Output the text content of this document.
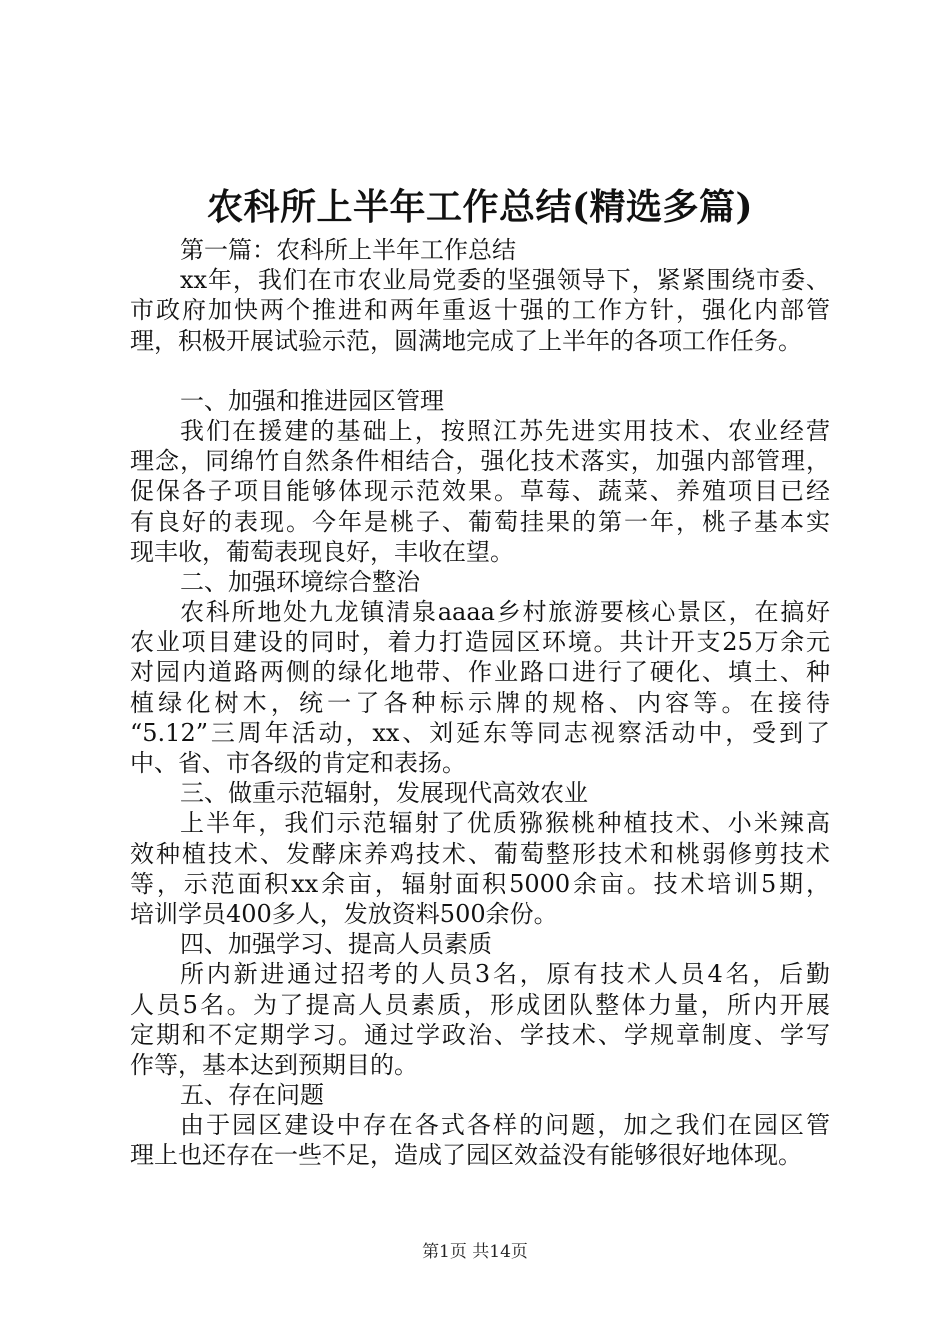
农科所上半年工作总结(精选多篇)
第一篇：农科所上半年工作总结
xx年，我们在市农业局党委的坚强领导下，紧紧围绕市委、
市政府加快两个推进和两年重返十强的工作方针，强化内部管
理，积极开展试验示范，圆满地完成了上半年的各项工作任务。
一、加强和推进园区管理
我们在援建的基础上，按照江苏先进实用技术、农业经营
理念，同绵竹自然条件相结合，强化技术落实，加强内部管理，
促保各子项目能够体现示范效果。草莓、蔬菜、养殖项目已经
有良好的表现。今年是桃子、葡萄挂果的第一年，桃子基本实
现丰收，葡萄表现良好，丰收在望。
二、加强环境综合整治
农科所地处九龙镇清泉aaaa乡村旅游要核心景区，在搞好
农业项目建设的同时，着力打造园区环境。共计开支25万余元
对园内道路两侧的绿化地带、作业路口进行了硬化、填土、种
植绿化树木，统一了各种标示牌的规格、内容等。在接待
“5.12”三周年活动，xx、刘延东等同志视察活动中，受到了
中、省、市各级的肯定和表扬。
三、做重示范辐射，发展现代高效农业
上半年，我们示范辐射了优质猕猴桃种植技术、小米辣高
效种植技术、发酵床养鸡技术、葡萄整形技术和桃弱修剪技术
等，示范面积xx余亩，辐射面积5000余亩。技术培训5期，
培训学员400多人，发放资料500余份。
四、加强学习、提高人员素质
所内新进通过招考的人员3名，原有技术人员4名，后勤
人员5名。为了提高人员素质，形成团队整体力量，所内开展
定期和不定期学习。通过学政治、学技术、学规章制度、学写
作等，基本达到预期目的。
五、存在问题
由于园区建设中存在各式各样的问题，加之我们在园区管
理上也还存在一些不足，造成了园区效益没有能够很好地体现。
第1页 共14页
